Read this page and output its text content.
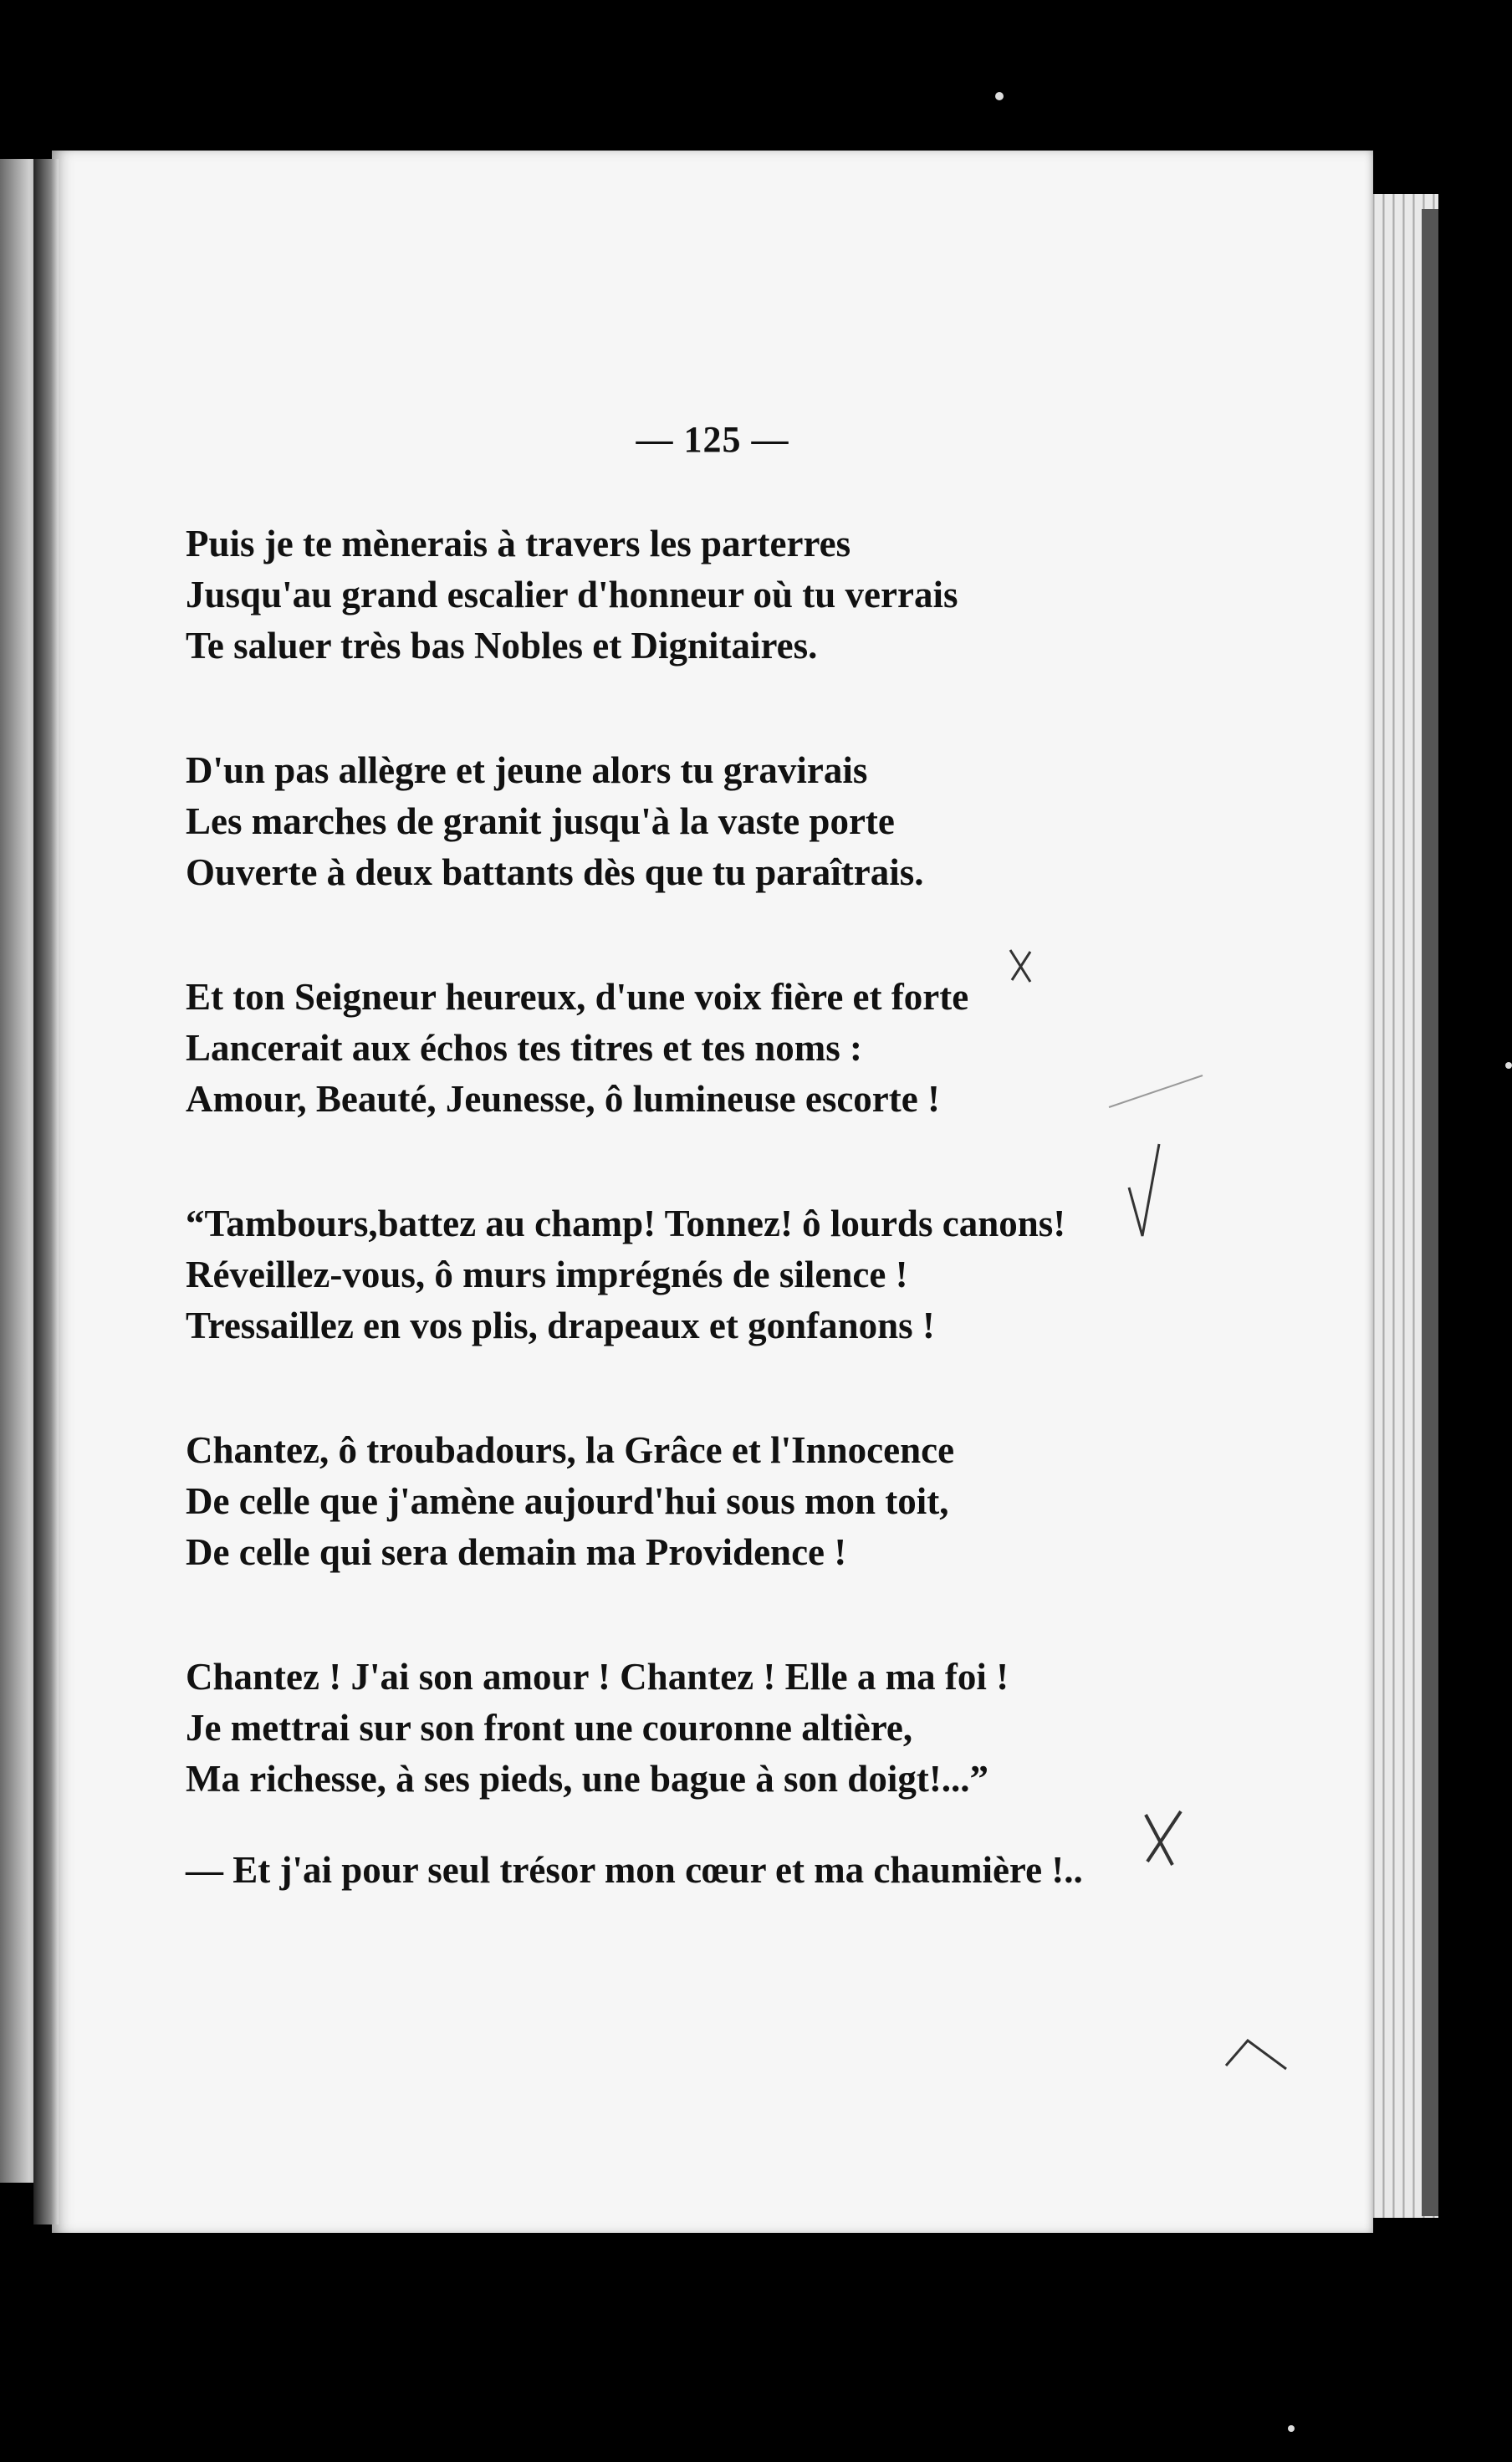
— 125 —
Puis je te mènerais à travers les parterres
Jusqu'au grand escalier d'honneur où tu verrais
Te saluer très bas Nobles et Dignitaires.
D'un pas allègre et jeune alors tu gravirais
Les marches de granit jusqu'à la vaste porte
Ouverte à deux battants dès que tu paraîtrais.
Et ton Seigneur heureux, d'une voix fière et forte
Lancerait aux échos tes titres et tes noms :
Amour, Beauté, Jeunesse, ô lumineuse escorte !
“Tambours,battez au champ! Tonnez! ô lourds canons!
Réveillez-vous, ô murs imprégnés de silence !
Tressaillez en vos plis, drapeaux et gonfanons !
Chantez, ô troubadours, la Grâce et l'Innocence
De celle que j'amène aujourd'hui sous mon toit,
De celle qui sera demain ma Providence !
Chantez ! J'ai son amour ! Chantez ! Elle a ma foi !
Je mettrai sur son front une couronne altière,
Ma richesse, à ses pieds, une bague à son doigt!...”
— Et j'ai pour seul trésor mon cœur et ma chaumière !..
